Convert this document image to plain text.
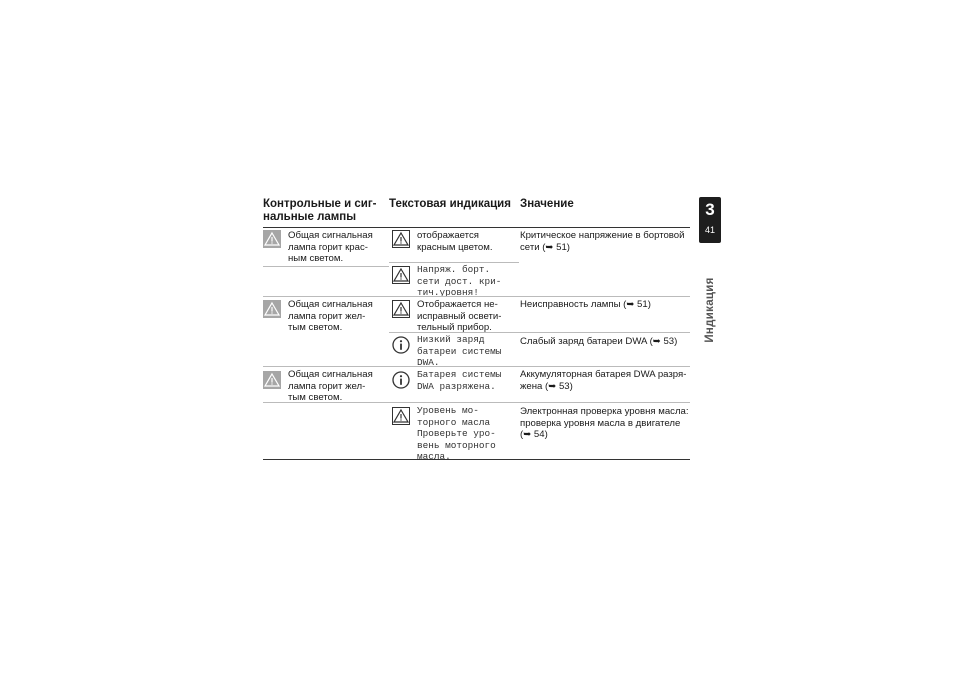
Контрольные и сиг-
нальные лампы
Текстовая индикация Значение
Общая сигнальная
лампа горит крас-
ным светом.
отображается
красным цветом.
Критическое напряжение в бортовой
сети (➥ 51)
Напряж. борт.
сети дост. кри-
тич.уровня!
Общая сигнальная
лампа горит жел-
тым светом.
Отображается не-
исправный освети-
тельный прибор.
Неисправность лампы (➥ 51)
Низкий заряд
батареи системы
DWA.
Слабый заряд батареи DWA (➥ 53)
Общая сигнальная
лампа горит жел-
тым светом.
Батарея системы
DWA разряжена.
Аккумуляторная батарея DWA разря-
жена (➥ 53)
Уровень мо-
торного масла
Проверьте уро-
вень моторного
масла.
Электронная проверка уровня масла:
проверка уровня масла в двигателе
(➥ 54)
3
41
Индикация
